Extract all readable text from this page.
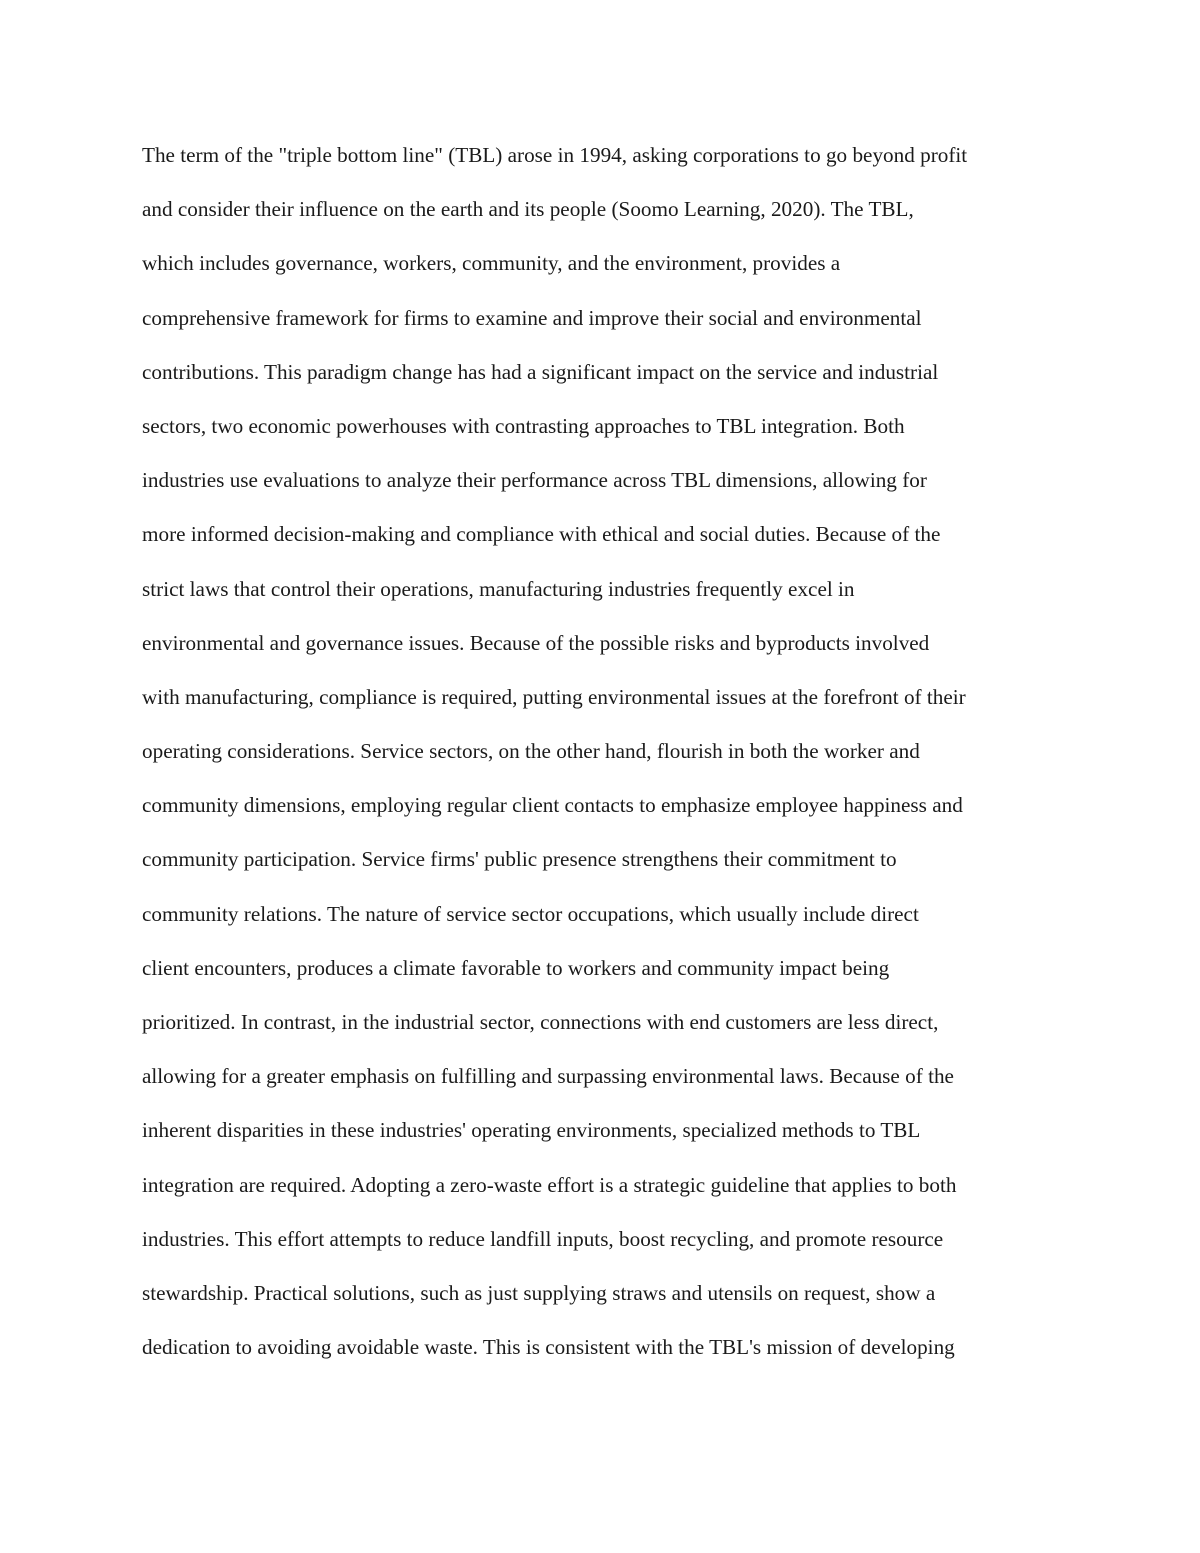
The term of the "triple bottom line" (TBL) arose in 1994, asking corporations to go beyond profit
and consider their influence on the earth and its people (Soomo Learning, 2020). The TBL,
which includes governance, workers, community, and the environment, provides a
comprehensive framework for firms to examine and improve their social and environmental
contributions. This paradigm change has had a significant impact on the service and industrial
sectors, two economic powerhouses with contrasting approaches to TBL integration. Both
industries use evaluations to analyze their performance across TBL dimensions, allowing for
more informed decision-making and compliance with ethical and social duties. Because of the
strict laws that control their operations, manufacturing industries frequently excel in
environmental and governance issues. Because of the possible risks and byproducts involved
with manufacturing, compliance is required, putting environmental issues at the forefront of their
operating considerations. Service sectors, on the other hand, flourish in both the worker and
community dimensions, employing regular client contacts to emphasize employee happiness and
community participation. Service firms' public presence strengthens their commitment to
community relations. The nature of service sector occupations, which usually include direct
client encounters, produces a climate favorable to workers and community impact being
prioritized. In contrast, in the industrial sector, connections with end customers are less direct,
allowing for a greater emphasis on fulfilling and surpassing environmental laws. Because of the
inherent disparities in these industries' operating environments, specialized methods to TBL
integration are required. Adopting a zero-waste effort is a strategic guideline that applies to both
industries. This effort attempts to reduce landfill inputs, boost recycling, and promote resource
stewardship. Practical solutions, such as just supplying straws and utensils on request, show a
dedication to avoiding avoidable waste. This is consistent with the TBL's mission of developing
